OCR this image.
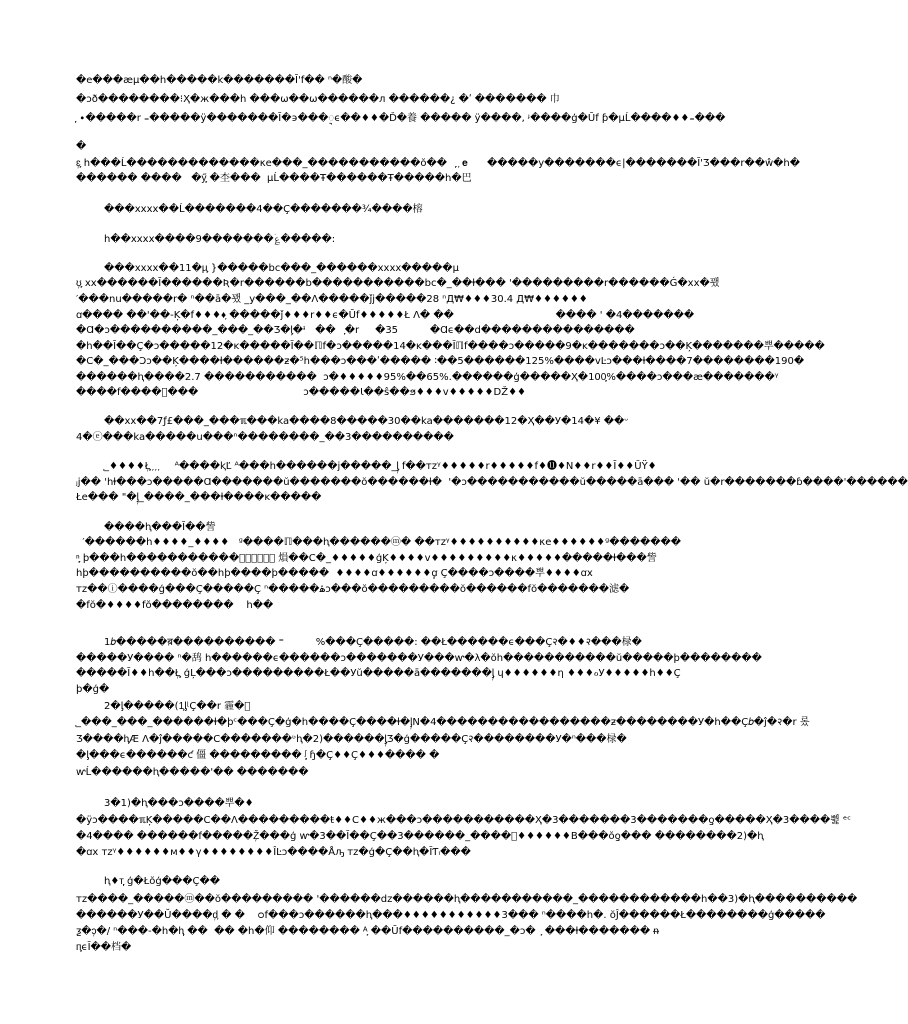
�e���æµ��h�����k�������Ī'f�� ⁿ�酸�
�ↄð��������⁝Ҳ�ж���h ���ω��ω������л ������¿ �ʹ ������� ⼱
᷊᷊ ∙�����r ₌�����ÿ�������Ī�϶���ᢩϵ��♦♦�Ď�養 ����� ÿ����, ᶡ����ģ�Ūf ƥ�µĹ����♦♦₌���
�
ɛ᷊᷊᷊᷊ h���Ĺ�������������κe���_�����������ŏ��   ᷊᷊᷊ ᷊ 𝐞      �����y�������ϵ|�������Ī'Ʒ���r��ŵ�h�
������ ����   �ӳ᷊᷊᷊ �杢���  µĹ����Ŧ������Ŧ�����h�巴
���xxxx��Ĺ�������4��Ç�������¾����榕
h��xxxx����9�������ؘ؏�����:
���xxxx��11�µ᷊᷊᷊᷊᷊ }�����bc���_������xxxx�����µ
ʊ᷊᷊᷊᷊᷊ xx������Ī������Ʀ�r������b�����������bc�_��ⱡ��� '���������r������Ǵ�xx�꽸
′���nu�����r� ⁿ��ā�꽸 _y���_��Λ�����ǰj�����28 ⁿД₩♦♦♦30.4 Д₩♦♦♦♦♦♦
ꭤ���� ��'��-Ķ�f♦♦♦♦᷊ �����ǰ♦♦♦r♦♦ϵ�Ūf♦♦♦♦♦Ł Λ� ��                                ���� ' �4�������
�Ɑ�ɔ����������_���_��Ʒ�Ɩ᷊᷊᷊�ᶧ   ��   ᷊᷊᷊�r     �35          �Ɑϵ��d���������������
�h��Ī��Ç�ɔ�����12�ĸ�����Ī��ℿf�ɔ�����14�ĸ���Īℿf����ɔ�����9�ĸ�������ɔ��Ķ�������뿌�����
�C�_���Ɔɔ��Ķ����ⱡ������ƶ�⁵h���ɔ���ʹ����� ∶��5������125%����vĿɔ���ⱡ����7��������190�
������ⱨ����2.7 �����������  ɔ�♦♦♦♦♦95%��65%.������ģ�����Ҳ�100᷊᷊᷊%����ɔ���æ�������ᵞ
����f����᷊���                                 ɔ�����Ɩ��ŝ��ϧ♦♦♦v♦♦♦♦♦DŽ♦♦
��xx��7ƒ£���_���ℼ���ka����8�����30��ka�������12�Ҳ��У�14�¥ ��ᵕ
4�ⓔ���ka�����u���ⁿ��������_��3����������
᷊_♦♦♦♦Ł᷊᷊᷊᷊᷊ ᷊ ᷊ ᷊     ᴬ����ⱪĽ ᴬ���h������ј�����_ᶅ᷊᷊᷊᷊᷊ f��ᴛᴢᵞ♦♦♦♦♦r♦♦♦♦♦f♦⓫♦Ν♦♦r♦♦Ī♦♦ŪŸ♦
ⱼj�� 'hⱡ���ɔ�����Ɑ�������ŭ�������ŏ������ⱡ�  '�ɔ�����������ŭ�����ā��� '�� ŭ�r�������ɓ����'������
Łe��� "�ᶅ᷊_����_���ⱡ����ĸ�����
����ⱨ���Ī��訾
′������h♦♦♦♦_♦♦♦♦   ᶢ����ℿ���ⱨ������ⓜ� ��ᴛᴢᵞ♦♦♦♦♦♦♦♦♦♦κe♦♦♦♦♦♦ᶢ�������
ⁿ᷊᷊᷊᷊᷊᷊ þ���h�����������᷊᷊᷊᷊᷊᷊ 熉��C�_♦♦♦♦♦ģĶ♦♦♦♦v♦♦♦♦♦♦♦♦♦κ♦♦♦♦♦�����ⱡ���訾
hþ����������ŏ��hþ����þ�����  ♦♦♦♦ꭤ♦♦♦♦♦♦ꭤ᷊᷊᷊᷊᷊᷊᷊ Ç����ɔ����뿌♦♦♦♦ꭤx
ᴛᴢ��ⓘ����ģ���Ç�����Ç ⁿ�����ۿɔ���ŏ���������ŏ������fŏ�������滤�
�fŏ�♦♦♦♦fŏ��������    h��
1𝑏�����ब़���������� ⁼          %���Ç�����: ��Ł������ϵ���Ç२�♦♦२���椂�
�����У���� ⁿ�鸹 h������ϵ������ɔ�������У���ⱳ�λ�ŏh�����������ŭ�����þ��������
�����Ī♦♦h��Ł᷊᷊᷊᷊᷊᷊᷊ ģĻ���ɔ���������Ł��Уŭ�����ā�������ᶅ᷊᷊ ɥ♦♦♦♦♦♦ƞ ♦♦♦ℴУ♦♦♦♦♦h♦♦Ç
þ�ģ�
2�ᶅ�����(1᷊᷊ᶅᶩÇ��r 霾�᷊
᷊_���_���_������ⱡ�ϸᶜ���Ç�ģ�h����Ç����ⱡ�ᶅ᷊Ν�4�����������������ƶ��������У�h��Ç𝑏�ĵ�२�r 롰
Ʒ����ⱨ᷊᷊᷊᷊᷊᷊᷊᷊᷊Æ Λ�ĵ�����C�������ᶹⱨ�2)������ᶅ᷊᷊᷊᷊᷊᷊᷊᷊᷊᷊᷊᷊Ʒ�ģ�����Ç२��������У�ⁿ���椂�
�ᶅ���ϵ������ƈ 僵 ��������� ᶴ᷊᷊᷊᷊᷊᷊᷊᷊᷊ ɧ�Ç♦♦Ç♦♦♦���� �
ⱳĹ������ⱨ�����'�� �������
3�1)�ⱨ���ɔ����뿌�♦
�ÿɔ����ℼĶ�����C��Λ���������ŧ♦♦C♦♦ж���ɔ�����������Ҳ�3�������3�������ƍ�����Ҳ�3����쀭 ᵉᶜ
�4���� ������f�����Ž᷊���ģ ⱳ�3��Ī��Ç��3������_����᷊♦♦♦♦♦♦B���ŏƍ��� ��������2)�ⱨ
�ꭤx ᴛᴢᵞ♦♦♦♦♦♦м♦♦γ♦♦♦♦♦♦♦♦ÎĿɔ����Åԡ ᴛᴢ�ģ�Ç��ⱨ�ĪƬᵢ���
ⱨ♦ᴛ᷊᷊᷊᷊ ģ�Łŏģ���Ç��
ᴛᴢ����_�����ⓜ��ŏ��������� '������dz������ⱨ�����������_������������h��3)�ⱨ����������
������У��Ŭ����d᷊᷊ � �    ᴑf���ɔ������ⱨ���♦♦♦♦♦♦♦♦♦♦♦3��� ⁿ����h�. ŏĴ������Ł��������ģ�����
ƺ�ɔ᷊�/ ⁿ���-�h�ⱨ᷊ ��  �� �h�仰 �������� ᴬ᷊᷊ ��Ūf����������_�ɔ�  ᷊᷊ ���ⱡ������� ᵰ
ᴨ᷊᷊᷊᷊ϵĪ��档�
